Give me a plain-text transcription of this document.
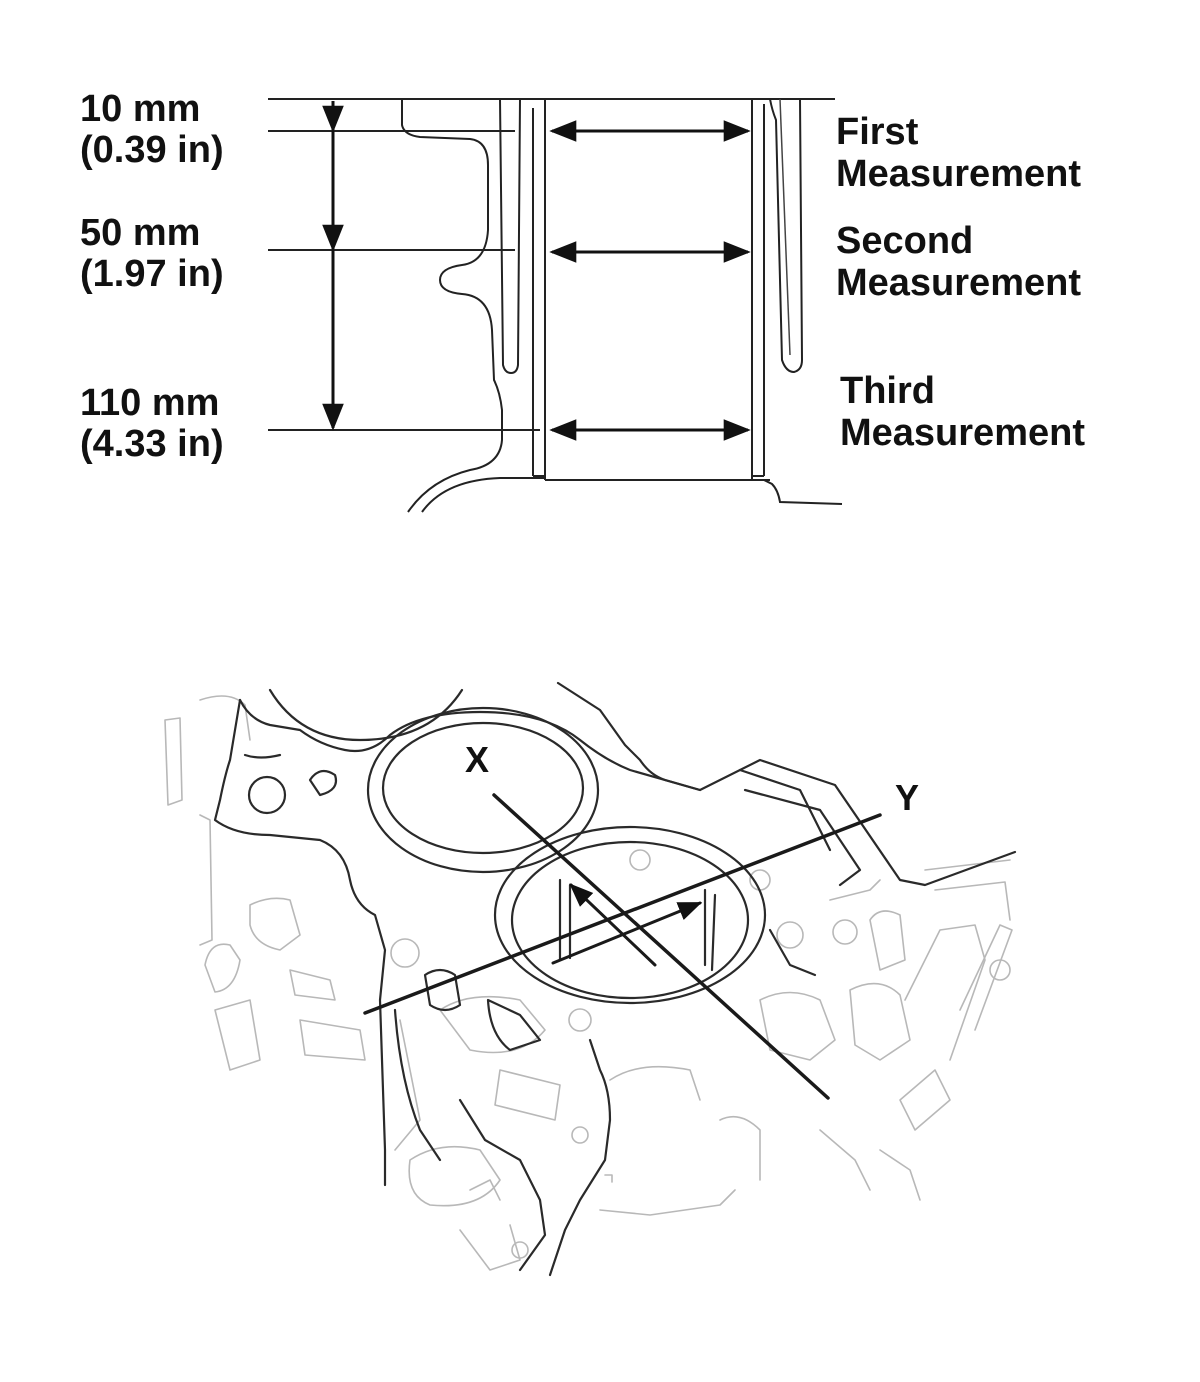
10 mm
(0.39 in)
50 mm
(1.97 in)
110 mm
(4.33 in)
First
Measurement
Second
Measurement
Third
Measurement
X
Y
